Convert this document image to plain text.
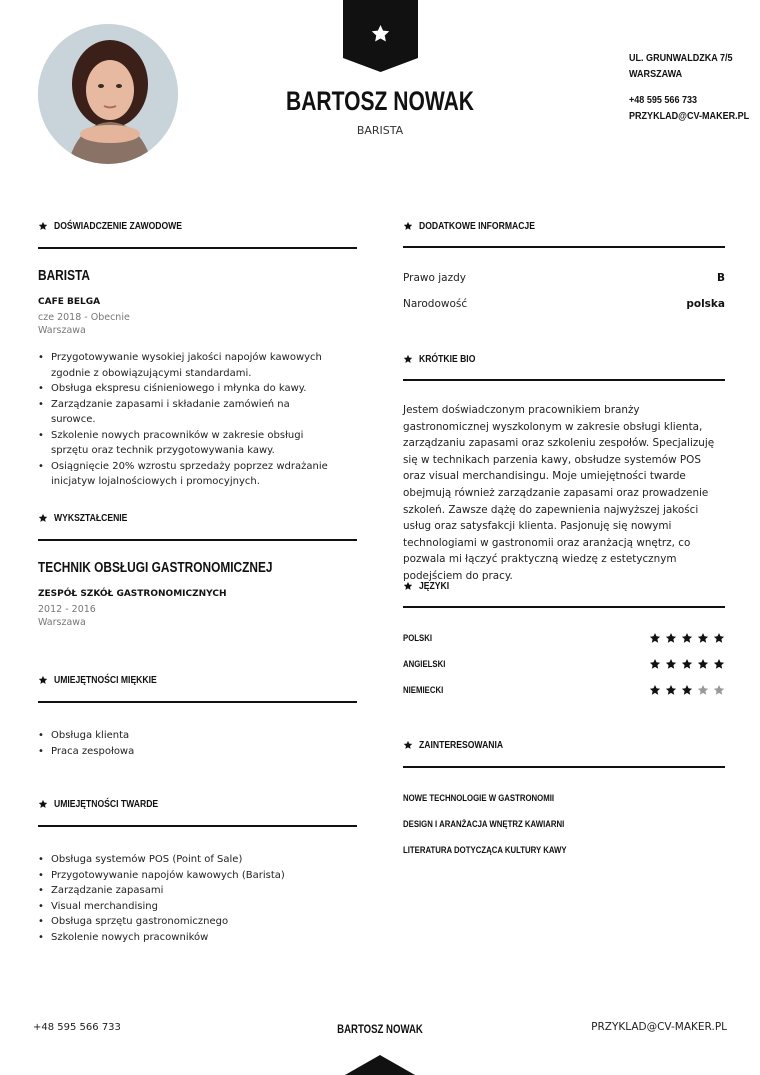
BARTOSZ NOWAK
BARISTA
UL. GRUNWALDZKA 7/5
WARSZAWA
+48 595 566 733
PRZYKLAD@CV-MAKER.PL
DOŚWIADCZENIE ZAWODOWE
BARISTA
CAFE BELGA
cze 2018 - Obecnie
Warszawa
• Przygotowywanie wysokiej jakości napojów kawowych zgodnie z obowiązującymi standardami.
• Obsługa ekspresu ciśnieniowego i młynka do kawy.
• Zarządzanie zapasami i składanie zamówień na surowce.
• Szkolenie nowych pracowników w zakresie obsługi sprzętu oraz technik przygotowywania kawy.
• Osiągnięcie 20% wzrostu sprzedaży poprzez wdrażanie inicjatyw lojalnościowych i promocyjnych.
WYKSZTAŁCENIE
TECHNIK OBSŁUGI GASTRONOMICZNEJ
ZESPÓŁ SZKÓŁ GASTRONOMICZNYCH
2012 - 2016
Warszawa
UMIEJĘTNOŚCI MIĘKKIE
• Obsługa klienta
• Praca zespołowa
UMIEJĘTNOŚCI TWARDE
• Obsługa systemów POS (Point of Sale)
• Przygotowywanie napojów kawowych (Barista)
• Zarządzanie zapasami
• Visual merchandising
• Obsługa sprzętu gastronomicznego
• Szkolenie nowych pracowników
DODATKOWE INFORMACJE
Prawo jazdy	B
Narodowość	polska
KRÓTKIE BIO
Jestem doświadczonym pracownikiem branży gastronomicznej wyszkolonym w zakresie obsługi klienta, zarządzaniu zapasami oraz szkoleniu zespołów. Specjalizuję się w technikach parzenia kawy, obsłudze systemów POS oraz visual merchandisingu. Moje umiejętności twarde obejmują również zarządzanie zapasami oraz prowadzenie szkoleń. Zawsze dążę do zapewnienia najwyższej jakości usług oraz satysfakcji klienta. Pasjonuję się nowymi technologiami w gastronomii oraz aranżacją wnętrz, co pozwala mi łączyć praktyczną wiedzę z estetycznym podejściem do pracy.
JĘZYKI
POLSKI
ANGIELSKI
NIEMIECKI
ZAINTERESOWANIA
NOWE TECHNOLOGIE W GASTRONOMII
DESIGN I ARANŻACJA WNĘTRZ KAWIARNI
LITERATURA DOTYCZĄCA KULTURY KAWY
+48 595 566 733	BARTOSZ NOWAK	PRZYKLAD@CV-MAKER.PL
